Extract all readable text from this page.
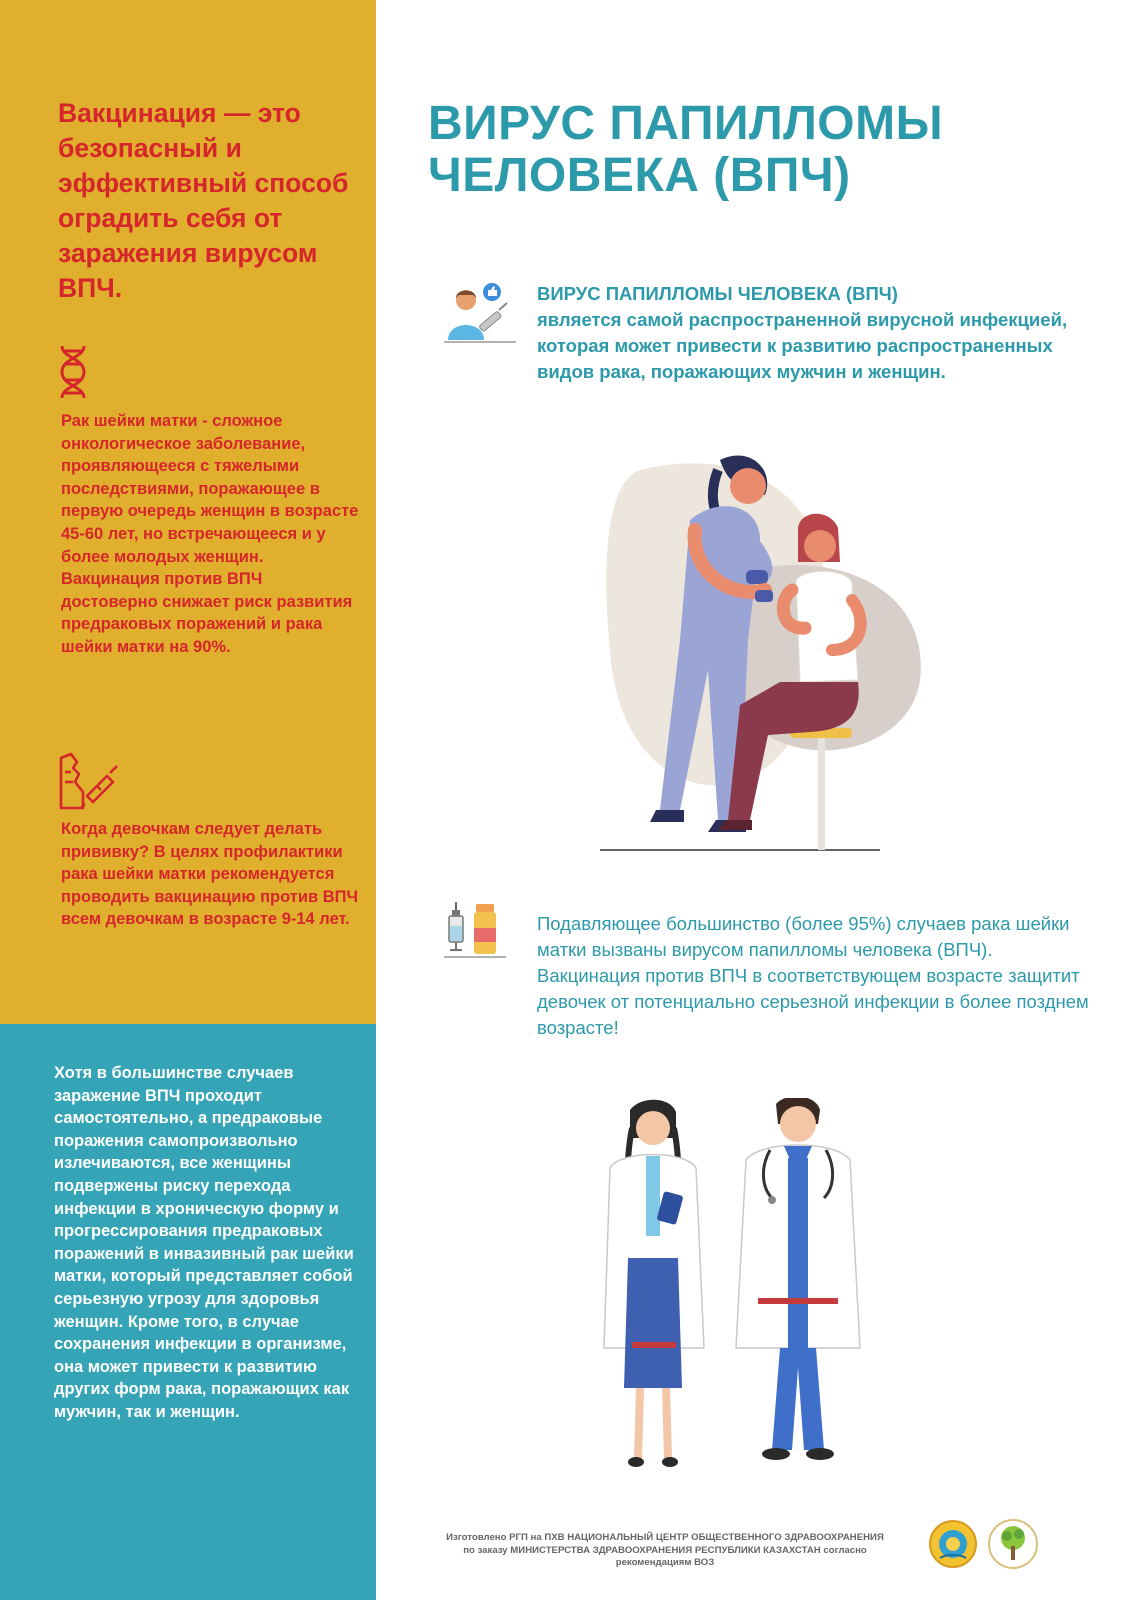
Вакцинация — это безопасный и эффективный способ оградить себя от заражения вирусом ВПЧ.

Рак шейки матки - сложное онкологическое заболевание, проявляющееся с тяжелыми последствиями, поражающее в первую очередь женщин в возрасте 45-60 лет, но встречающееся и у более молодых женщин. Вакцинация против ВПЧ достоверно снижает риск развития предраковых поражений и рака шейки матки на 90%.

Когда девочкам следует делать прививку? В целях профилактики рака шейки матки рекомендуется проводить вакцинацию против ВПЧ всем девочкам в возрасте 9-14 лет.

Хотя в большинстве случаев заражение ВПЧ проходит самостоятельно, а предраковые поражения самопроизвольно излечиваются, все женщины подвержены риску перехода инфекции в хроническую форму и прогрессирования предраковых поражений в инвазивный рак шейки матки, который представляет собой серьезную угрозу для здоровья женщин. Кроме того, в случае сохранения инфекции в организме, она может привести к развитию других форм рака, поражающих как мужчин, так и женщин.

ВИРУС ПАПИЛЛОМЫ ЧЕЛОВЕКА (ВПЧ)

ВИРУС ПАПИЛЛОМЫ ЧЕЛОВЕКА (ВПЧ)
является самой распространенной вирусной инфекцией, которая может привести к развитию распространенных видов рака, поражающих мужчин и женщин.

Подавляющее большинство (более 95%) случаев рака шейки матки вызваны вирусом папилломы человека (ВПЧ). Вакцинация против ВПЧ в соответствующем возрасте защитит девочек от потенциально серьезной инфекции в более позднем возрасте!

Изготовлено РГП на ПХВ НАЦИОНАЛЬНЫЙ ЦЕНТР ОБЩЕСТВЕННОГО ЗДРАВООХРАНЕНИЯ
по заказу МИНИСТЕРСТВА ЗДРАВООХРАНЕНИЯ РЕСПУБЛИКИ КАЗАХСТАН согласно
рекомендациям ВОЗ
